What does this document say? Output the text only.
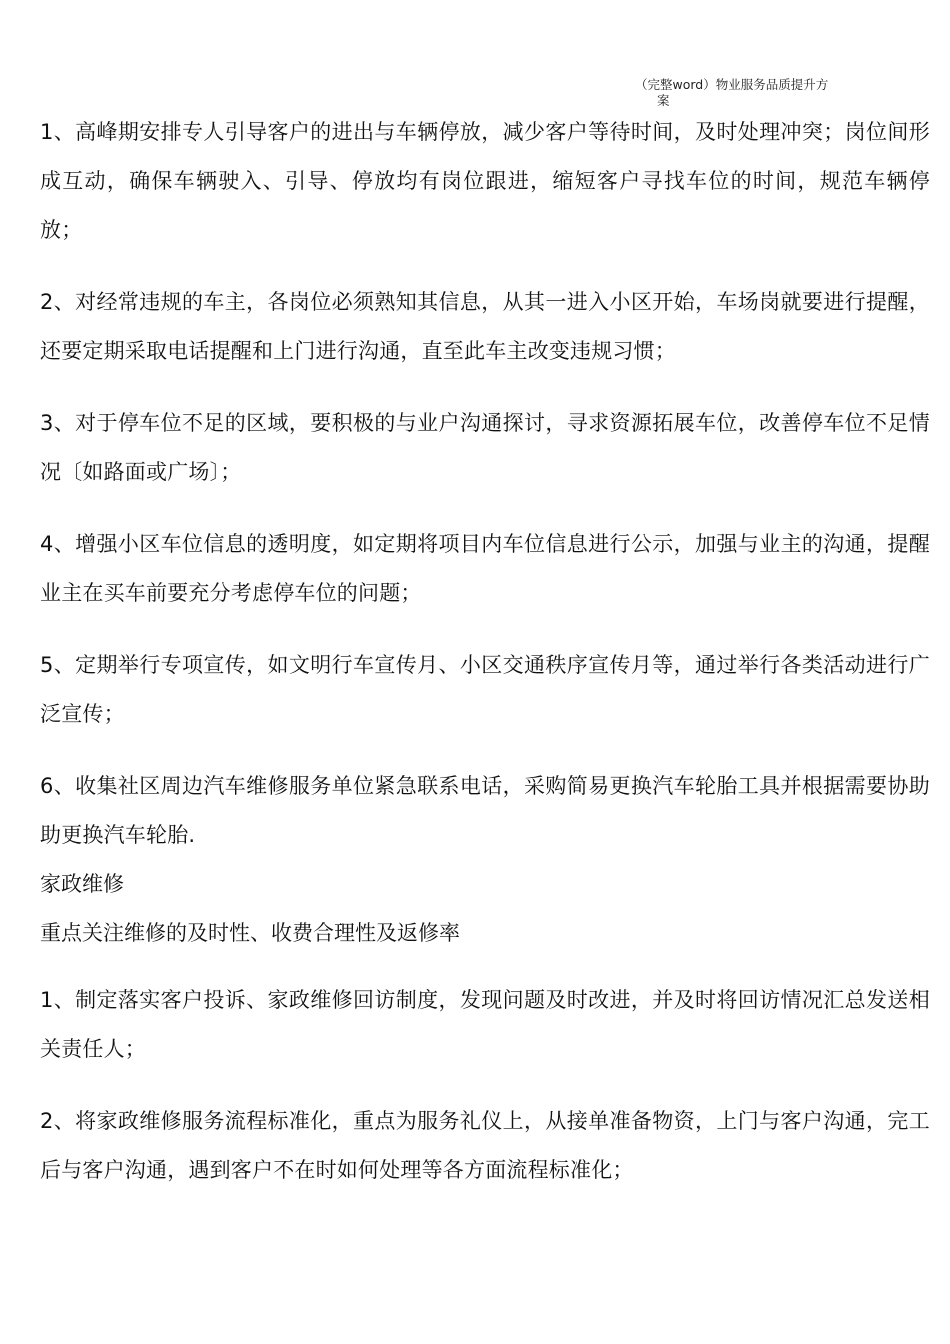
（完整word）物业服务品质提升方
案

1、高峰期安排专人引导客户的进出与车辆停放，减少客户等待时间，及时处理冲突；岗位间形成互动，确保车辆驶入、引导、停放均有岗位跟进，缩短客户寻找车位的时间，规范车辆停放；

2、对经常违规的车主，各岗位必须熟知其信息，从其一进入小区开始，车场岗就要进行提醒，还要定期采取电话提醒和上门进行沟通，直至此车主改变违规习惯；

3、对于停车位不足的区域，要积极的与业户沟通探讨，寻求资源拓展车位，改善停车位不足情况〔如路面或广场〕；

4、增强小区车位信息的透明度，如定期将项目内车位信息进行公示，加强与业主的沟通，提醒业主在买车前要充分考虑停车位的问题；

5、定期举行专项宣传，如文明行车宣传月、小区交通秩序宣传月等，通过举行各类活动进行广泛宣传；

6、收集社区周边汽车维修服务单位紧急联系电话，采购简易更换汽车轮胎工具并根据需要协助助更换汽车轮胎.

家政维修

重点关注维修的及时性、收费合理性及返修率

1、制定落实客户投诉、家政维修回访制度，发现问题及时改进，并及时将回访情况汇总发送相关责任人；

2、将家政维修服务流程标准化，重点为服务礼仪上，从接单准备物资，上门与客户沟通，完工后与客户沟通，遇到客户不在时如何处理等各方面流程标准化；
